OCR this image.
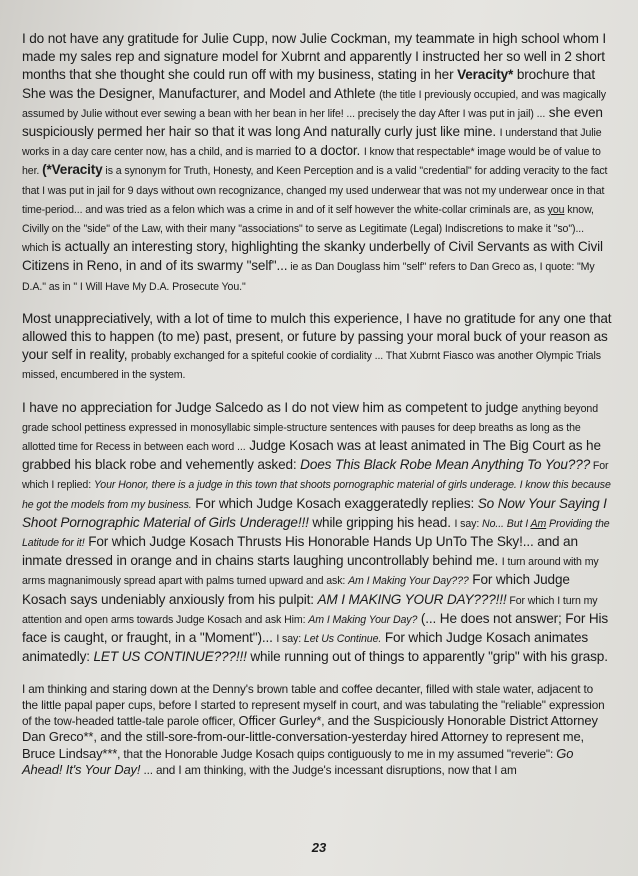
I do not have any gratitude for Julie Cupp, now Julie Cockman, my teammate in high school whom I made my sales rep and signature model for Xubrnt and apparently I instructed her so well in 2 short months that she thought she could run off with my business, stating in her Veracity* brochure that She was the Designer, Manufacturer, and Model and Athlete (the title I previously occupied, and was magically assumed by Julie without ever sewing a bean with her bean in her life! ... precisely the day After I was put in jail) ... she even suspiciously permed her hair so that it was long And naturally curly just like mine. I understand that Julie works in a day care center now, has a child, and is married to a doctor. I know that respectable* image would be of value to her. (*Veracity is a synonym for Truth, Honesty, and Keen Perception and is a valid "credential" for adding veracity to the fact that I was put in jail for 9 days without own recognizance, changed my used underwear that was not my underwear once in that time-period... and was tried as a felon which was a crime in and of it self however the white-collar criminals are, as you know, Civilly on the "side" of the Law, with their many "associations" to serve as Legitimate (Legal) Indiscretions to make it "so")... which is actually an interesting story, highlighting the skanky underbelly of Civil Servants as with Civil Citizens in Reno, in and of its swarmy "self"... ie as Dan Douglass him "self" refers to Dan Greco as, I quote: "My D.A." as in " I Will Have My D.A. Prosecute You."

Most unappreciatively, with a lot of time to mulch this experience, I have no gratitude for any one that allowed this to happen (to me) past, present, or future by passing your moral buck of your reason as your self in reality, probably exchanged for a spiteful cookie of cordiality ... That Xubrnt Fiasco was another Olympic Trials missed, encumbered in the system.

I have no appreciation for Judge Salcedo as I do not view him as competent to judge anything beyond grade school pettiness expressed in monosyllabic simple-structure sentences with pauses for deep breaths as long as the allotted time for Recess in between each word ... Judge Kosach was at least animated in The Big Court as he grabbed his black robe and vehemently asked: Does This Black Robe Mean Anything To You??? For which I replied: Your Honor, there is a judge in this town that shoots pornographic material of girls underage. I know this because he got the models from my business. For which Judge Kosach exaggeratedly replies: So Now Your Saying I Shoot Pornographic Material of Girls Underage!!! while gripping his head. I say: No... But I Am Providing the Latitude for it! For which Judge Kosach Thrusts His Honorable Hands Up UnTo The Sky!... and an inmate dressed in orange and in chains starts laughing uncontrollably behind me. I turn around with my arms magnanimously spread apart with palms turned upward and ask: Am I Making Your Day??? For which Judge Kosach says undeniably anxiously from his pulpit: AM I MAKING YOUR DAY???!!! For which I turn my attention and open arms towards Judge Kosach and ask Him: Am I Making Your Day? (... He does not answer; For His face is caught, or fraught, in a "Moment")... I say: Let Us Continue. For which Judge Kosach animates animatedly: LET US CONTINUE???!!! while running out of things to apparently "grip" with his grasp.

I am thinking and staring down at the Denny's brown table and coffee decanter, filled with stale water, adjacent to the little papal paper cups, before I started to represent myself in court, and was tabulating the "reliable" expression of the tow-headed tattle-tale parole officer, Officer Gurley*, and the Suspiciously Honorable District Attorney Dan Greco**, and the still-sore-from-our-little-conversation-yesterday hired Attorney to represent me, Bruce Lindsay***, that the Honorable Judge Kosach quips contiguously to me in my assumed "reverie": Go Ahead! It's Your Day! ... and I am thinking, with the Judge's incessant disruptions, now that I am

23
